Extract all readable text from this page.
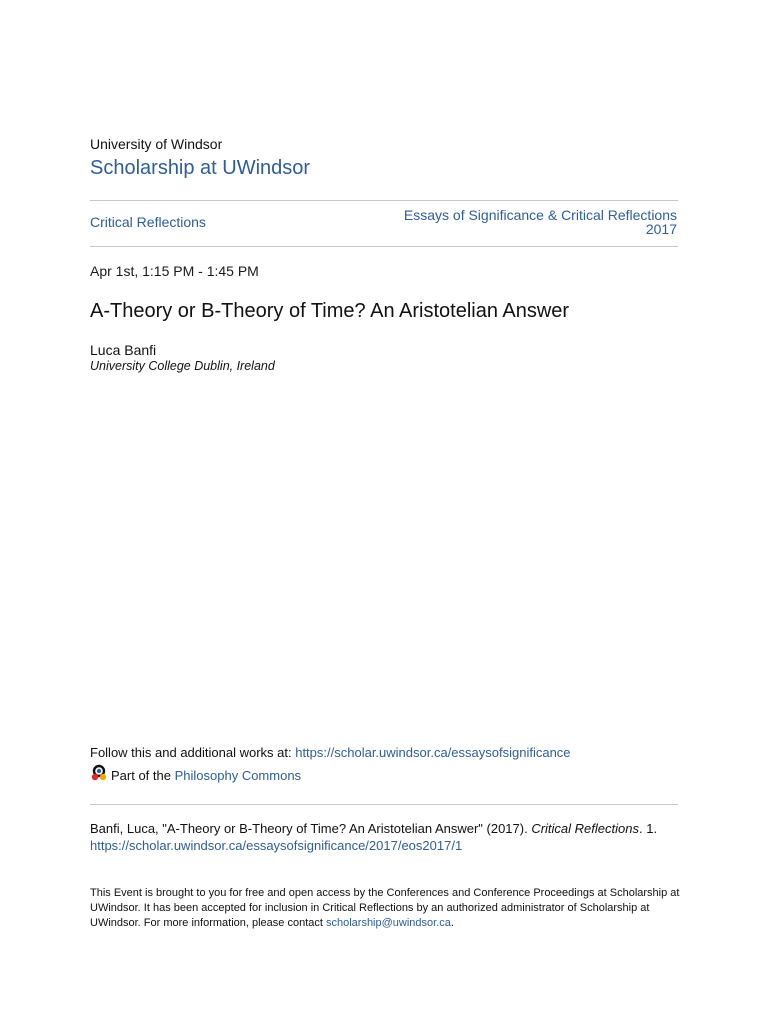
University of Windsor
Scholarship at UWindsor
Critical Reflections	Essays of Significance & Critical Reflections
2017
Apr 1st, 1:15 PM - 1:45 PM
A-Theory or B-Theory of Time? An Aristotelian Answer
Luca Banfi
University College Dublin, Ireland
Follow this and additional works at: https://scholar.uwindsor.ca/essaysofsignificance
Part of the
Philosophy Commons
Banfi, Luca, "A-Theory or B-Theory of Time? An Aristotelian Answer" (2017). Critical Reflections. 1.
https://scholar.uwindsor.ca/essaysofsignificance/2017/eos2017/1
This Event is brought to you for free and open access by the Conferences and Conference Proceedings at Scholarship at UWindsor. It has been accepted for inclusion in Critical Reflections by an authorized administrator of Scholarship at UWindsor. For more information, please contact scholarship@uwindsor.ca.
